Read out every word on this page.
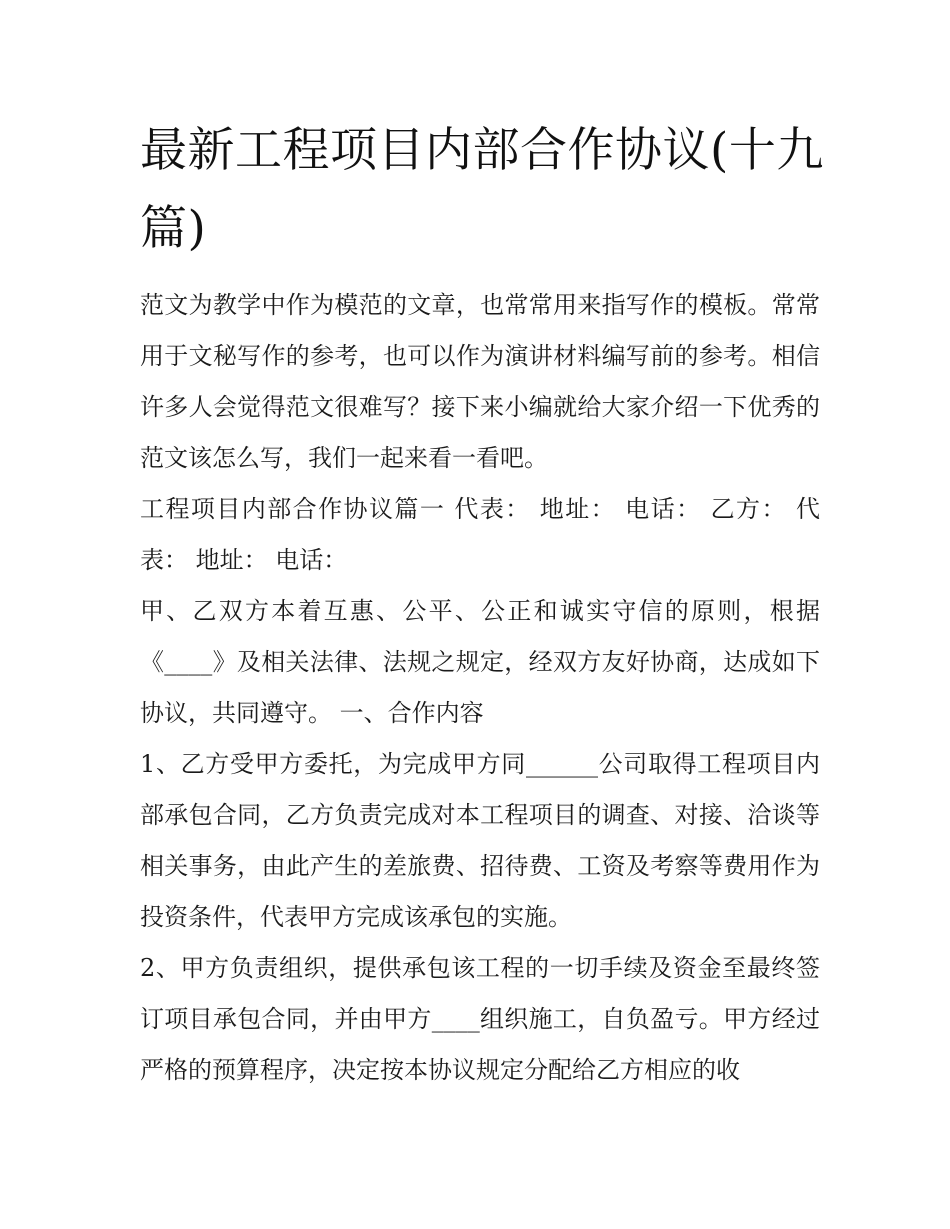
最新工程项目内部合作协议(十九篇)

范文为教学中作为模范的文章，也常常用来指写作的模板。常常用于文秘写作的参考，也可以作为演讲材料编写前的参考。相信许多人会觉得范文很难写？接下来小编就给大家介绍一下优秀的范文该怎么写，我们一起来看一看吧。

工程项目内部合作协议篇一 代表： 地址： 电话： 乙方： 代表： 地址： 电话：

甲、乙双方本着互惠、公平、公正和诚实守信的原则，根据《____》及相关法律、法规之规定，经双方友好协商，达成如下协议，共同遵守。 一、合作内容

1、乙方受甲方委托，为完成甲方同______公司取得工程项目内部承包合同，乙方负责完成对本工程项目的调查、对接、洽谈等相关事务，由此产生的差旅费、招待费、工资及考察等费用作为投资条件，代表甲方完成该承包的实施。

2、甲方负责组织，提供承包该工程的一切手续及资金至最终签订项目承包合同，并由甲方____组织施工，自负盈亏。甲方经过严格的预算程序，决定按本协议规定分配给乙方相应的收
